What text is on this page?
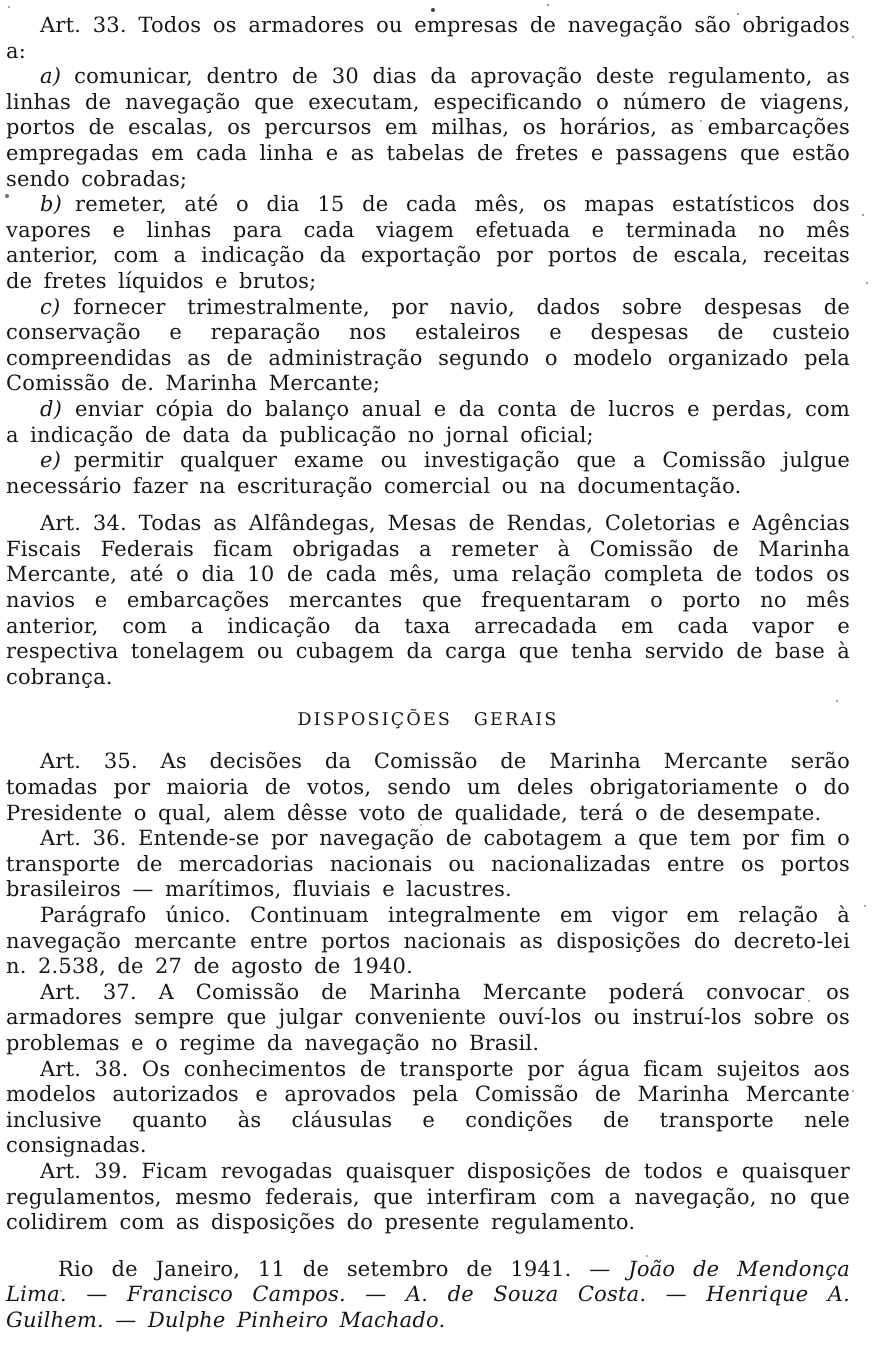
Art. 33. Todos os armadores ou empresas de navegação são obrigados a:

a) comunicar, dentro de 30 dias da aprovação deste regulamento, as linhas de navegação que executam, especificando o número de viagens, portos de escalas, os percursos em milhas, os horários, as embarcações empregadas em cada linha e as tabelas de fretes e passagens que estão sendo cobradas;

b) remeter, até o dia 15 de cada mês, os mapas estatísticos dos vapores e linhas para cada viagem efetuada e terminada no mês anterior, com a indicação da exportação por portos de escala, receitas de fretes líquidos e brutos;

c) fornecer trimestralmente, por navio, dados sobre despesas de conservação e reparação nos estaleiros e despesas de custeio compreendidas as de administração segundo o modelo organizado pela Comissão de. Marinha Mercante;

d) enviar cópia do balanço anual e da conta de lucros e perdas, com a indicação de data da publicação no jornal oficial;

e) permitir qualquer exame ou investigação que a Comissão julgue necessário fazer na escrituração comercial ou na documentação.

Art. 34. Todas as Alfândegas, Mesas de Rendas, Coletorias e Agências Fiscais Federais ficam obrigadas a remeter à Comissão de Marinha Mercante, até o dia 10 de cada mês, uma relação completa de todos os navios e embarcações mercantes que frequentaram o porto no mês anterior, com a indicação da taxa arrecadada em cada vapor e respectiva tonelagem ou cubagem da carga que tenha servido de base à cobrança.

DISPOSIÇÕES GERAIS

Art. 35. As decisões da Comissão de Marinha Mercante serão tomadas por maioria de votos, sendo um deles obrigatoriamente o do Presidente o qual, alem dêsse voto de qualidade, terá o de desempate.

Art. 36. Entende-se por navegação de cabotagem a que tem por fim o transporte de mercadorias nacionais ou nacionalizadas entre os portos brasileiros — marítimos, fluviais e lacustres.

Parágrafo único. Continuam integralmente em vigor em relação à navegação mercante entre portos nacionais as disposições do decreto-lei n. 2.538, de 27 de agosto de 1940.

Art. 37. A Comissão de Marinha Mercante poderá convocar os armadores sempre que julgar conveniente ouví-los ou instruí-los sobre os problemas e o regime da navegação no Brasil.

Art. 38. Os conhecimentos de transporte por água ficam sujeitos aos modelos autorizados e aprovados pela Comissão de Marinha Mercante inclusive quanto às cláusulas e condições de transporte nele consignadas.

Art. 39. Ficam revogadas quaisquer disposições de todos e quaisquer regulamentos, mesmo federais, que interfiram com a navegação, no que colidirem com as disposições do presente regulamento.

Rio de Janeiro, 11 de setembro de 1941. — João de Mendonça Lima. — Francisco Campos. — A. de Souza Costa. — Henrique A. Guilhem. — Dulphe Pinheiro Machado.
